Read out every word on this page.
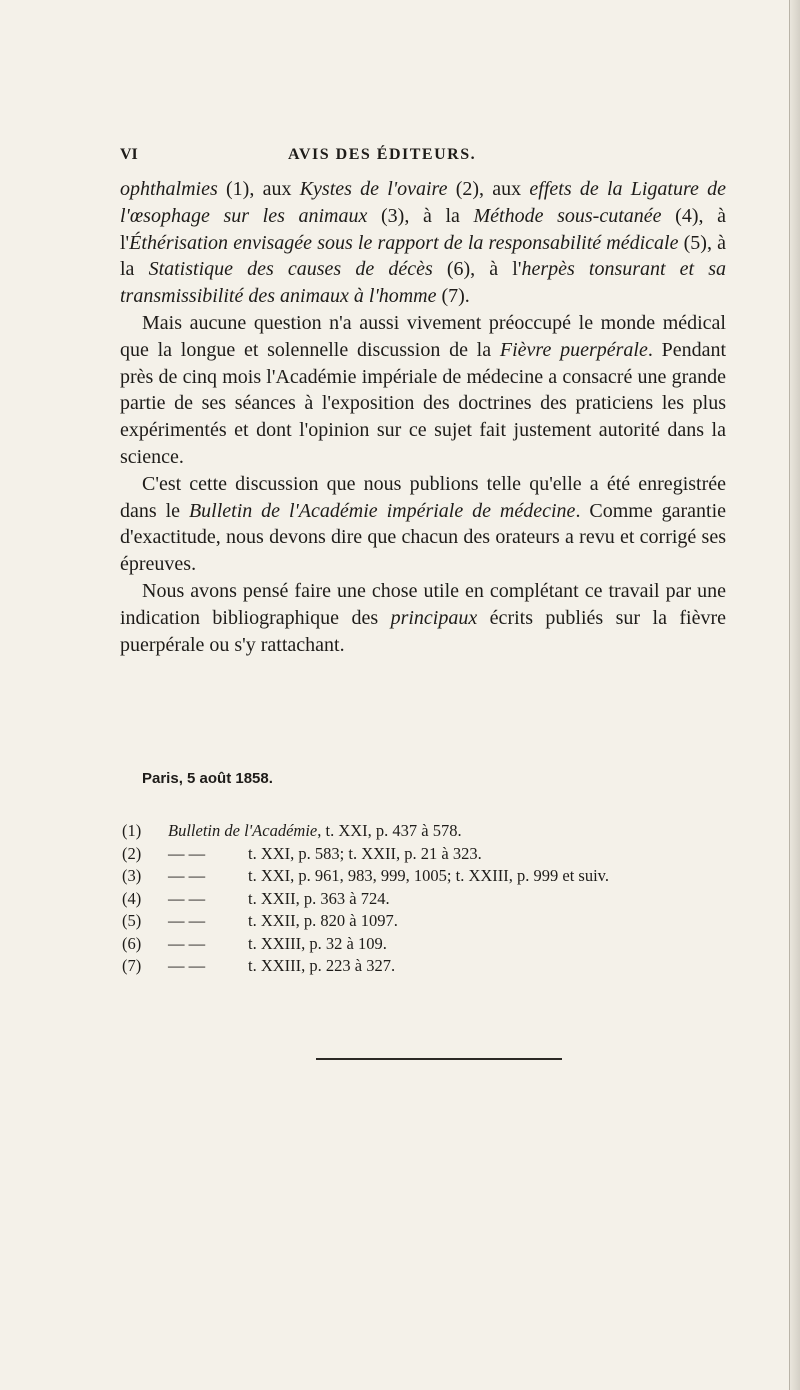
VI	AVIS DES ÉDITEURS.

ophthalmies (1), aux Kystes de l'ovaire (2), aux effets de la Ligature de l'œsophage sur les animaux (3), à la Méthode sous-cutanée (4), à l'Éthérisation envisagée sous le rapport de la responsabilité médicale (5), à la Statistique des causes de décès (6), à l'herpès tonsurant et sa transmissibilité des animaux à l'homme (7).

Mais aucune question n'a aussi vivement préoccupé le monde médical que la longue et solennelle discussion de la Fièvre puerpérale. Pendant près de cinq mois l'Académie impériale de médecine a consacré une grande partie de ses séances à l'exposition des doctrines des praticiens les plus expérimentés et dont l'opinion sur ce sujet fait justement autorité dans la science.

C'est cette discussion que nous publions telle qu'elle a été enregistrée dans le Bulletin de l'Académie impériale de médecine. Comme garantie d'exactitude, nous devons dire que chacun des orateurs a revu et corrigé ses épreuves.

Nous avons pensé faire une chose utile en complétant ce travail par une indication bibliographique des principaux écrits publiés sur la fièvre puerpérale ou s'y rattachant.

Paris, 5 août 1858.
(1)	Bulletin de l'Académie, t. XXI, p. 437 à 578.
(2)	— —	t. XXI, p. 583; t. XXII, p. 21 à 323.
(3)	— —	t. XXI, p. 961, 983, 999, 1005; t. XXIII, p. 999 et suiv.
(4)	— —	t. XXII, p. 363 à 724.
(5)	— —	t. XXII, p. 820 à 1097.
(6)	— —	t. XXIII, p. 32 à 109.
(7)	— —	t. XXIII, p. 223 à 327.
